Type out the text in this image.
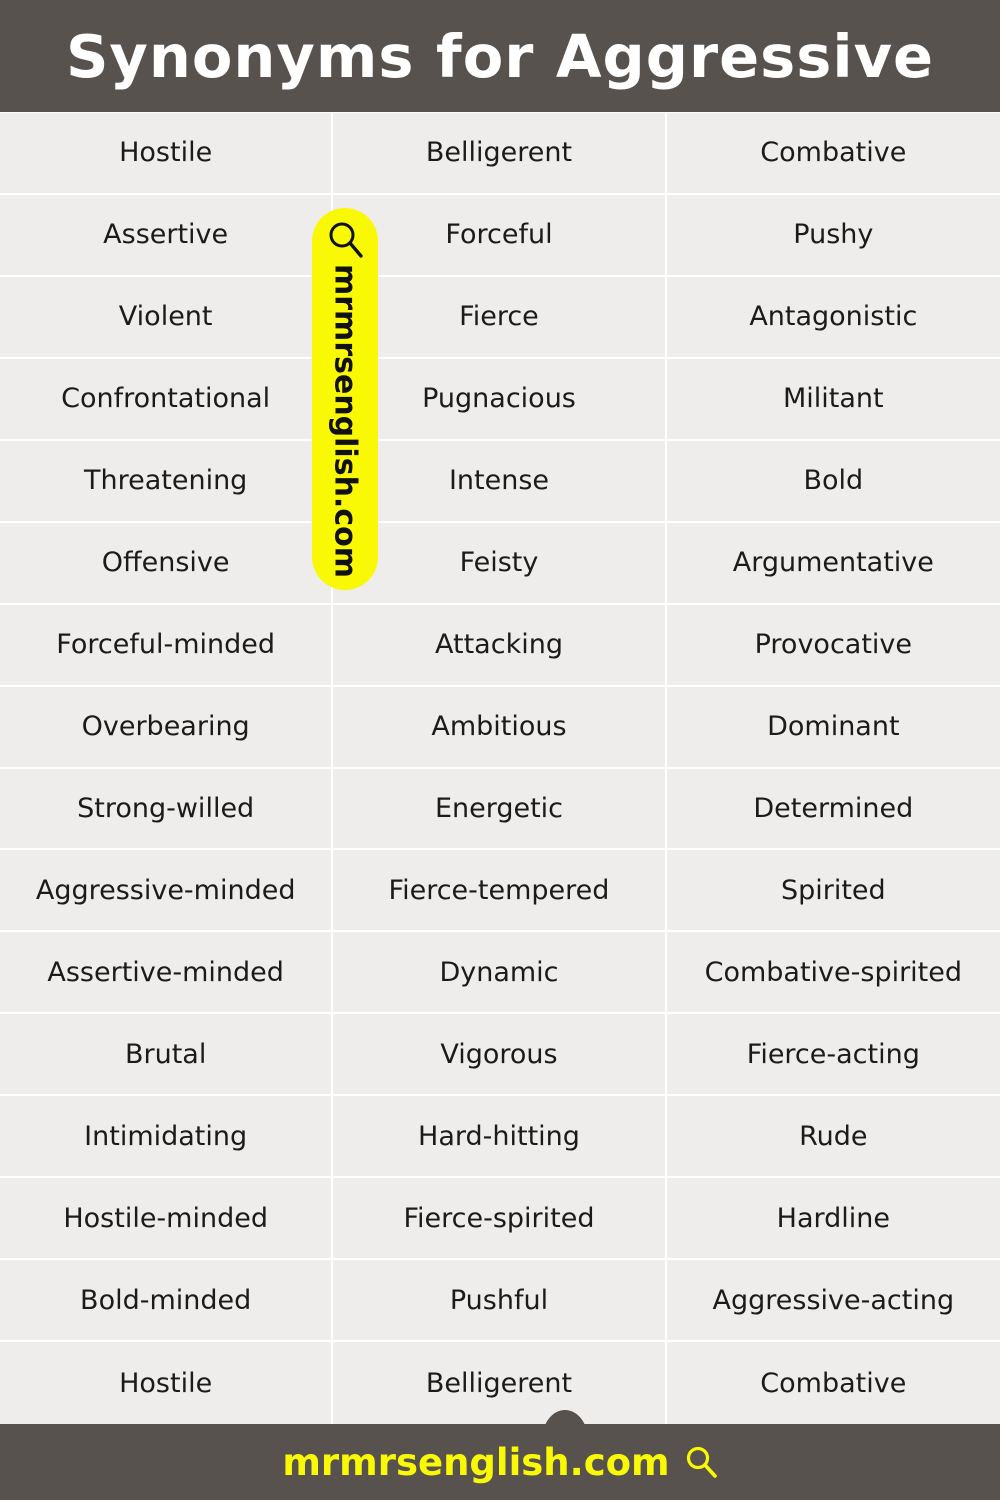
Synonyms for Aggressive
Hostile	Belligerent	Combative
Assertive	Forceful	Pushy
Violent	Fierce	Antagonistic
Confrontational	Pugnacious	Militant
Threatening	Intense	Bold
Offensive	Feisty	Argumentative
Forceful-minded	Attacking	Provocative
Overbearing	Ambitious	Dominant
Strong-willed	Energetic	Determined
Aggressive-minded	Fierce-tempered	Spirited
Assertive-minded	Dynamic	Combative-spirited
Brutal	Vigorous	Fierce-acting
Intimidating	Hard-hitting	Rude
Hostile-minded	Fierce-spirited	Hardline
Bold-minded	Pushful	Aggressive-acting
Hostile	Belligerent	Combative
mrmrsenglish.com
mrmrsenglish.com
